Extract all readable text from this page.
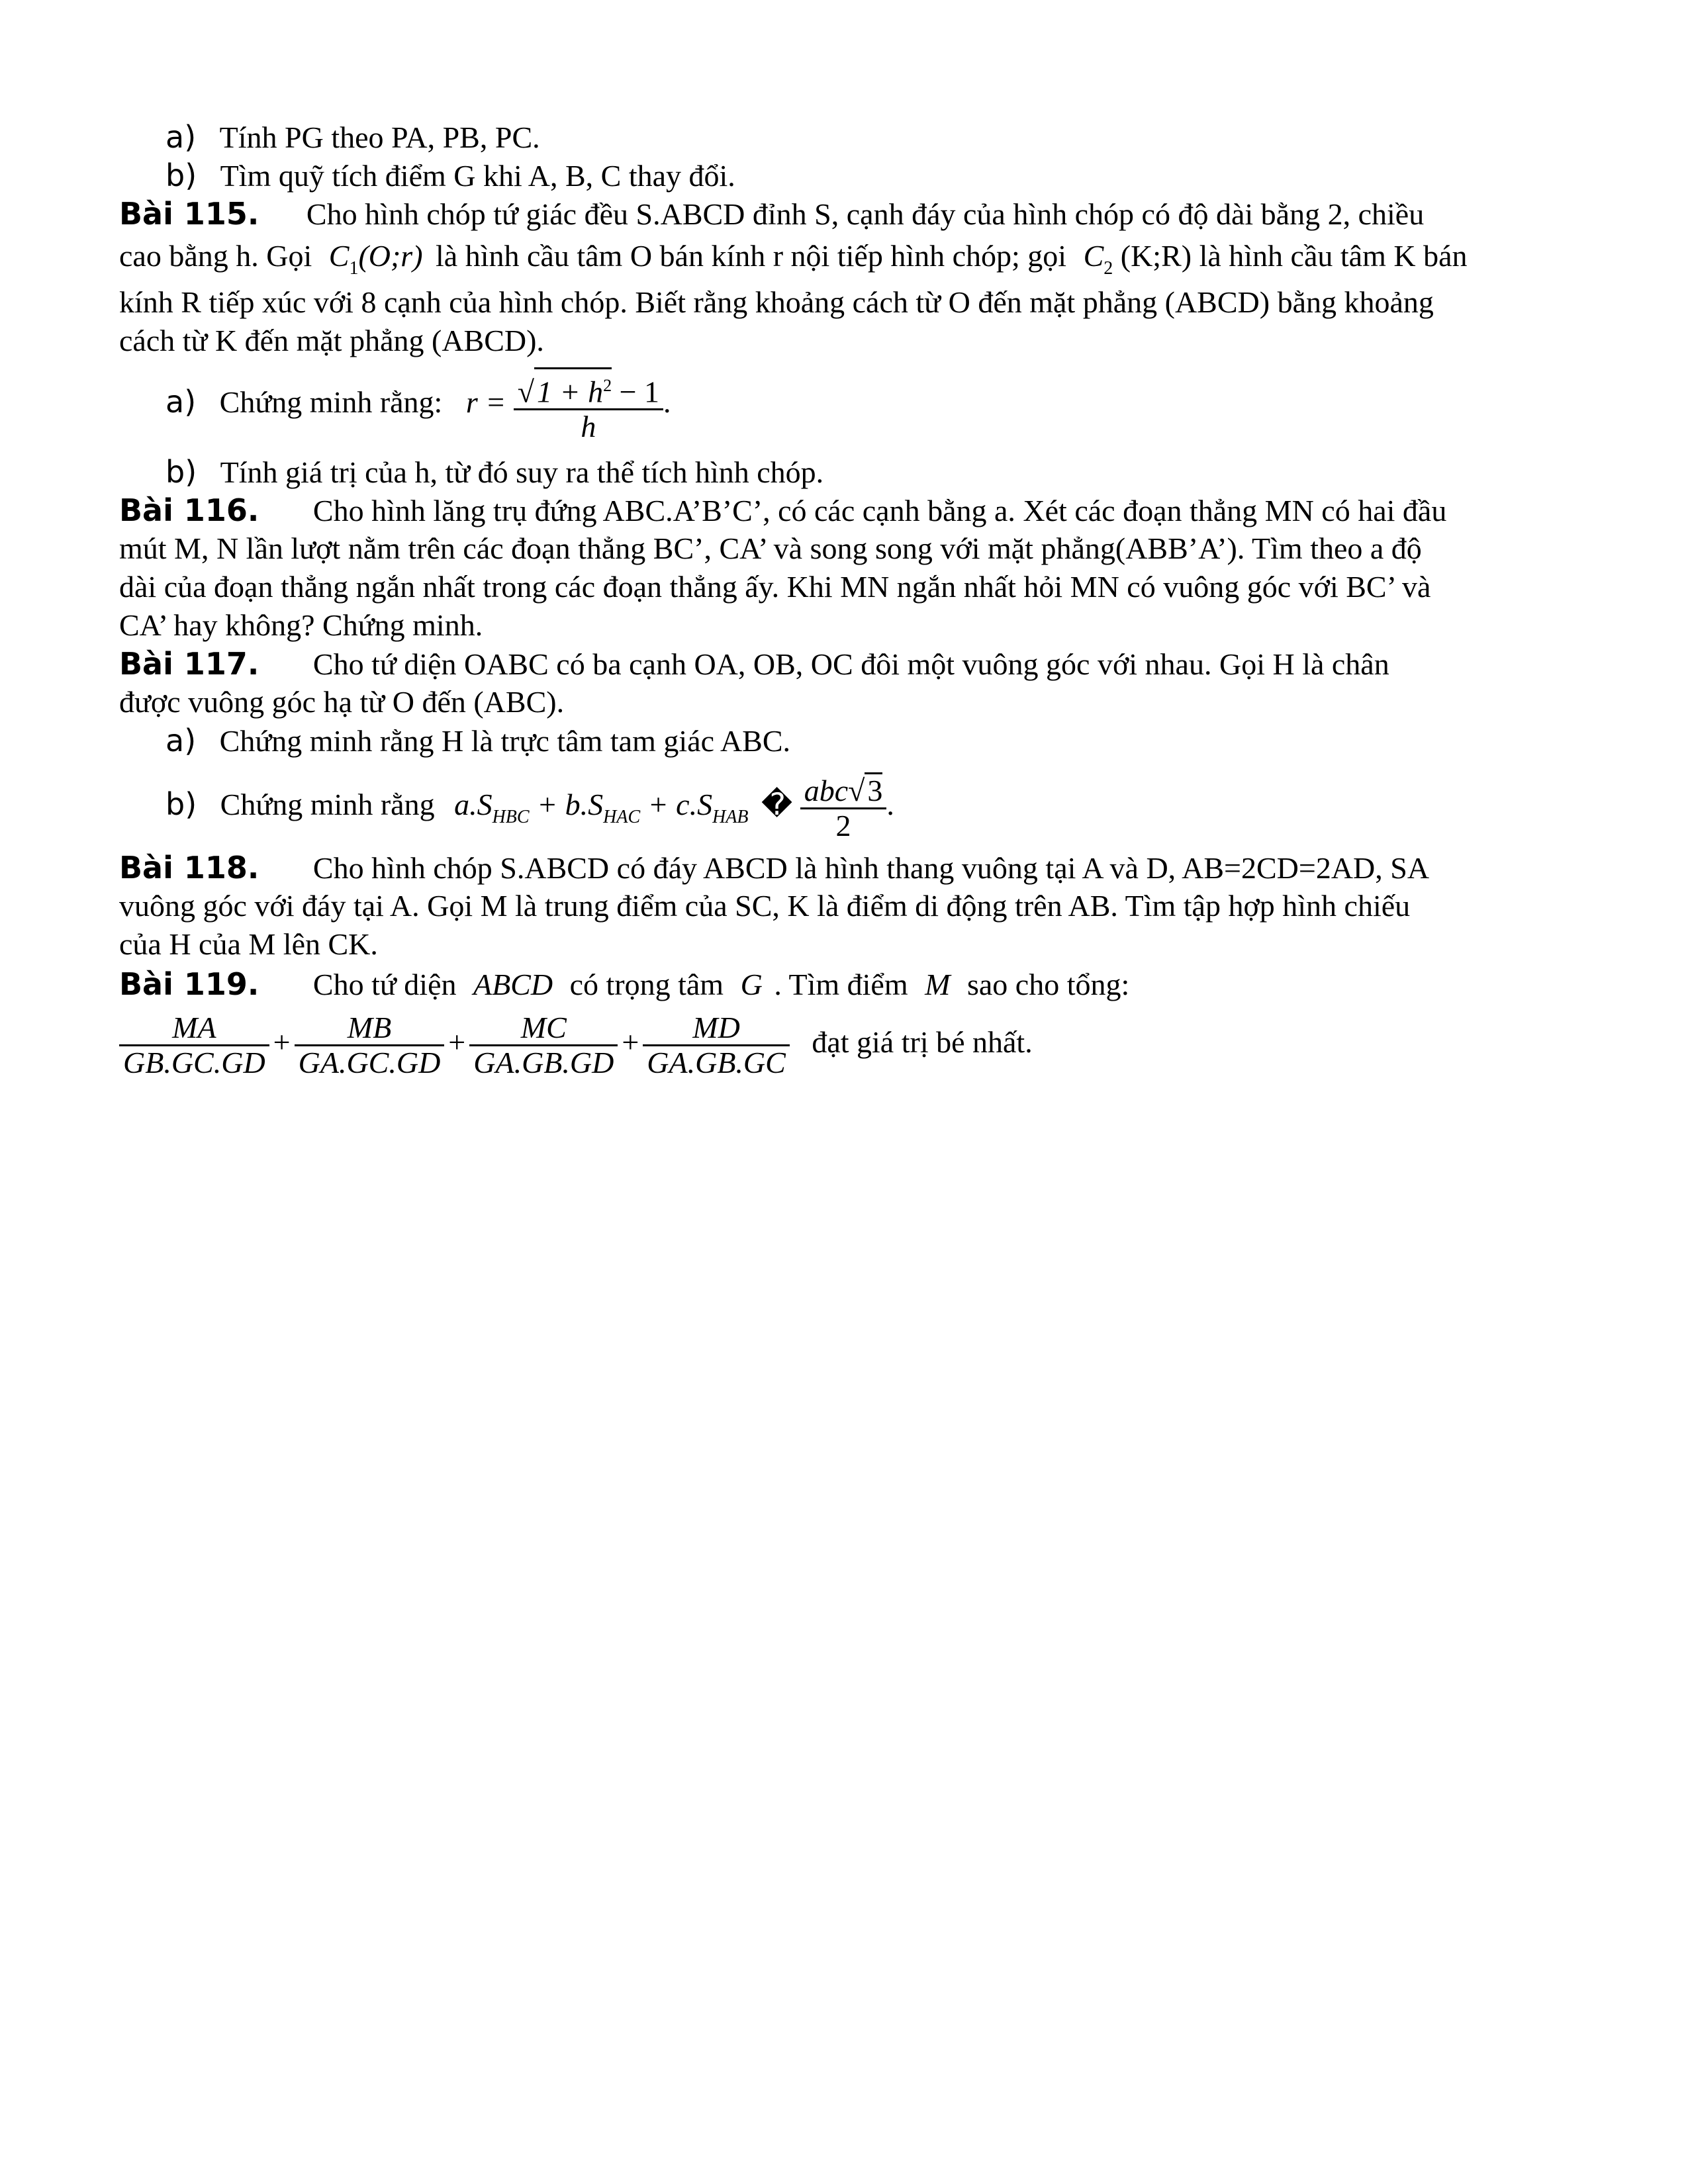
a) Tính PG theo PA, PB, PC.
b) Tìm quỹ tích điểm G khi A, B, C thay đổi.
Bài 115. Cho hình chóp tứ giác đều S.ABCD đỉnh S, cạnh đáy của hình chóp có độ dài bằng 2, chiều
cao bằng h. Gọi $C_1(O;r)$ là hình cầu tâm O bán kính r nội tiếp hình chóp; gọi $C_2$ (K;R) là hình cầu tâm K bán
kính R tiếp xúc với 8 cạnh của hình chóp. Biết rằng khoảng cách từ O đến mặt phẳng (ABCD) bằng khoảng
cách từ K đến mặt phẳng (ABCD).
a) Chứng minh rằng: $r = \frac{√1 + h^2 - 1}{h}$ .
b) Tính giá trị của h, từ đó suy ra thể tích hình chóp.
Bài 116. Cho hình lăng trụ đứng ABC.A’B’C’, có các cạnh bằng a. Xét các đoạn thẳng MN có hai đầu
mút M, N lần lượt nằm trên các đoạn thẳng BC’, CA’ và song song với mặt phẳng(ABB’A’). Tìm theo a độ
dài của đoạn thẳng ngắn nhất trong các đoạn thẳng ấy. Khi MN ngắn nhất hỏi MN có vuông góc với BC’ và
CA’ hay không? Chứng minh.
Bài 117. Cho tứ diện OABC có ba cạnh OA, OB, OC đôi một vuông góc với nhau. Gọi H là chân
được vuông góc hạ từ O đến (ABC).
a) Chứng minh rằng H là trực tâm tam giác ABC.
b) Chứng minh rằng $a.S_{HBC} + b.S_{HAC} + c.S_{HAB}$ � $\frac{\text{abc√3}}{2}$ .
Bài 118. Cho hình chóp S.ABCD có đáy ABCD là hình thang vuông tại A và D, AB=2CD=2AD, SA
vuông góc với đáy tại A. Gọi M là trung điểm của SC, K là điểm di động trên AB. Tìm tập hợp hình chiếu
của H của M lên CK.
Bài 119. Cho tứ diện ABCD có trọng tâm G . Tìm điểm M sao cho tổng:
$\frac{MA}{GB.GC.GD} + \frac{MB}{GA.GC.GD} + \frac{MC}{GA.GB.GD} + \frac{MD}{GA.GB.GC}$ đạt giá trị bé nhất.
